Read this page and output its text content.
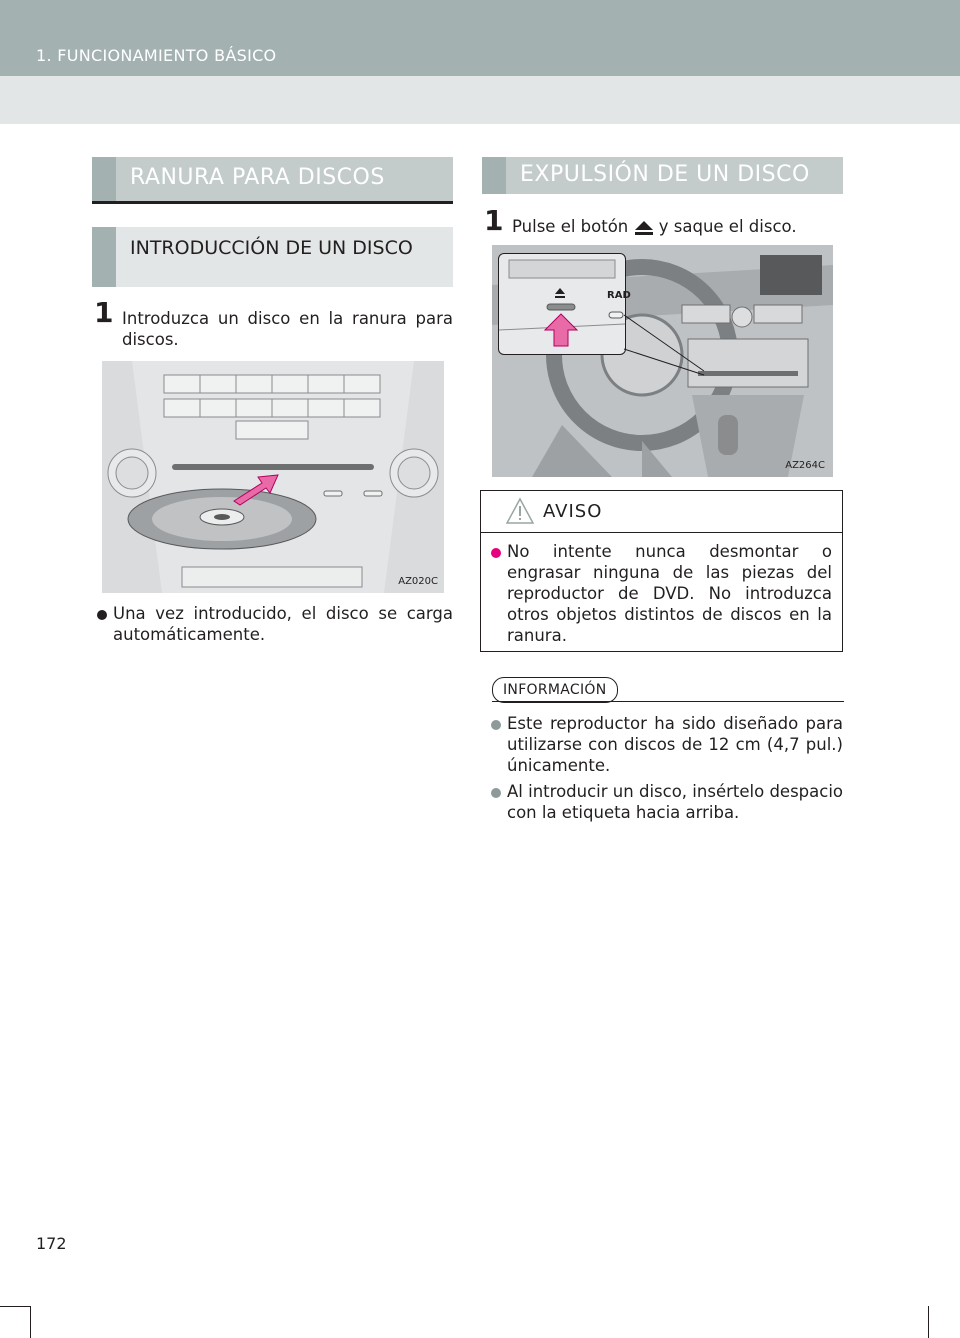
1. FUNCIONAMIENTO BÁSICO
RANURA PARA DISCOS
INTRODUCCIÓN DE UN DISCO
1 Introduzca un disco en la ranura para discos.
AZ020C
Una vez introducido, el disco se carga automáticamente.
EXPULSIÓN DE UN DISCO
1 Pulse el botón y saque el disco.
RAD
AZ264C
AVISO
No intente nunca desmontar o engrasar ninguna de las piezas del reproductor de DVD. No introduzca otros objetos distintos de discos en la ranura.
INFORMACIÓN
Este reproductor ha sido diseñado para utilizarse con discos de 12 cm (4,7 pul.) únicamente.
Al introducir un disco, insértelo despacio con la etiqueta hacia arriba.
172
